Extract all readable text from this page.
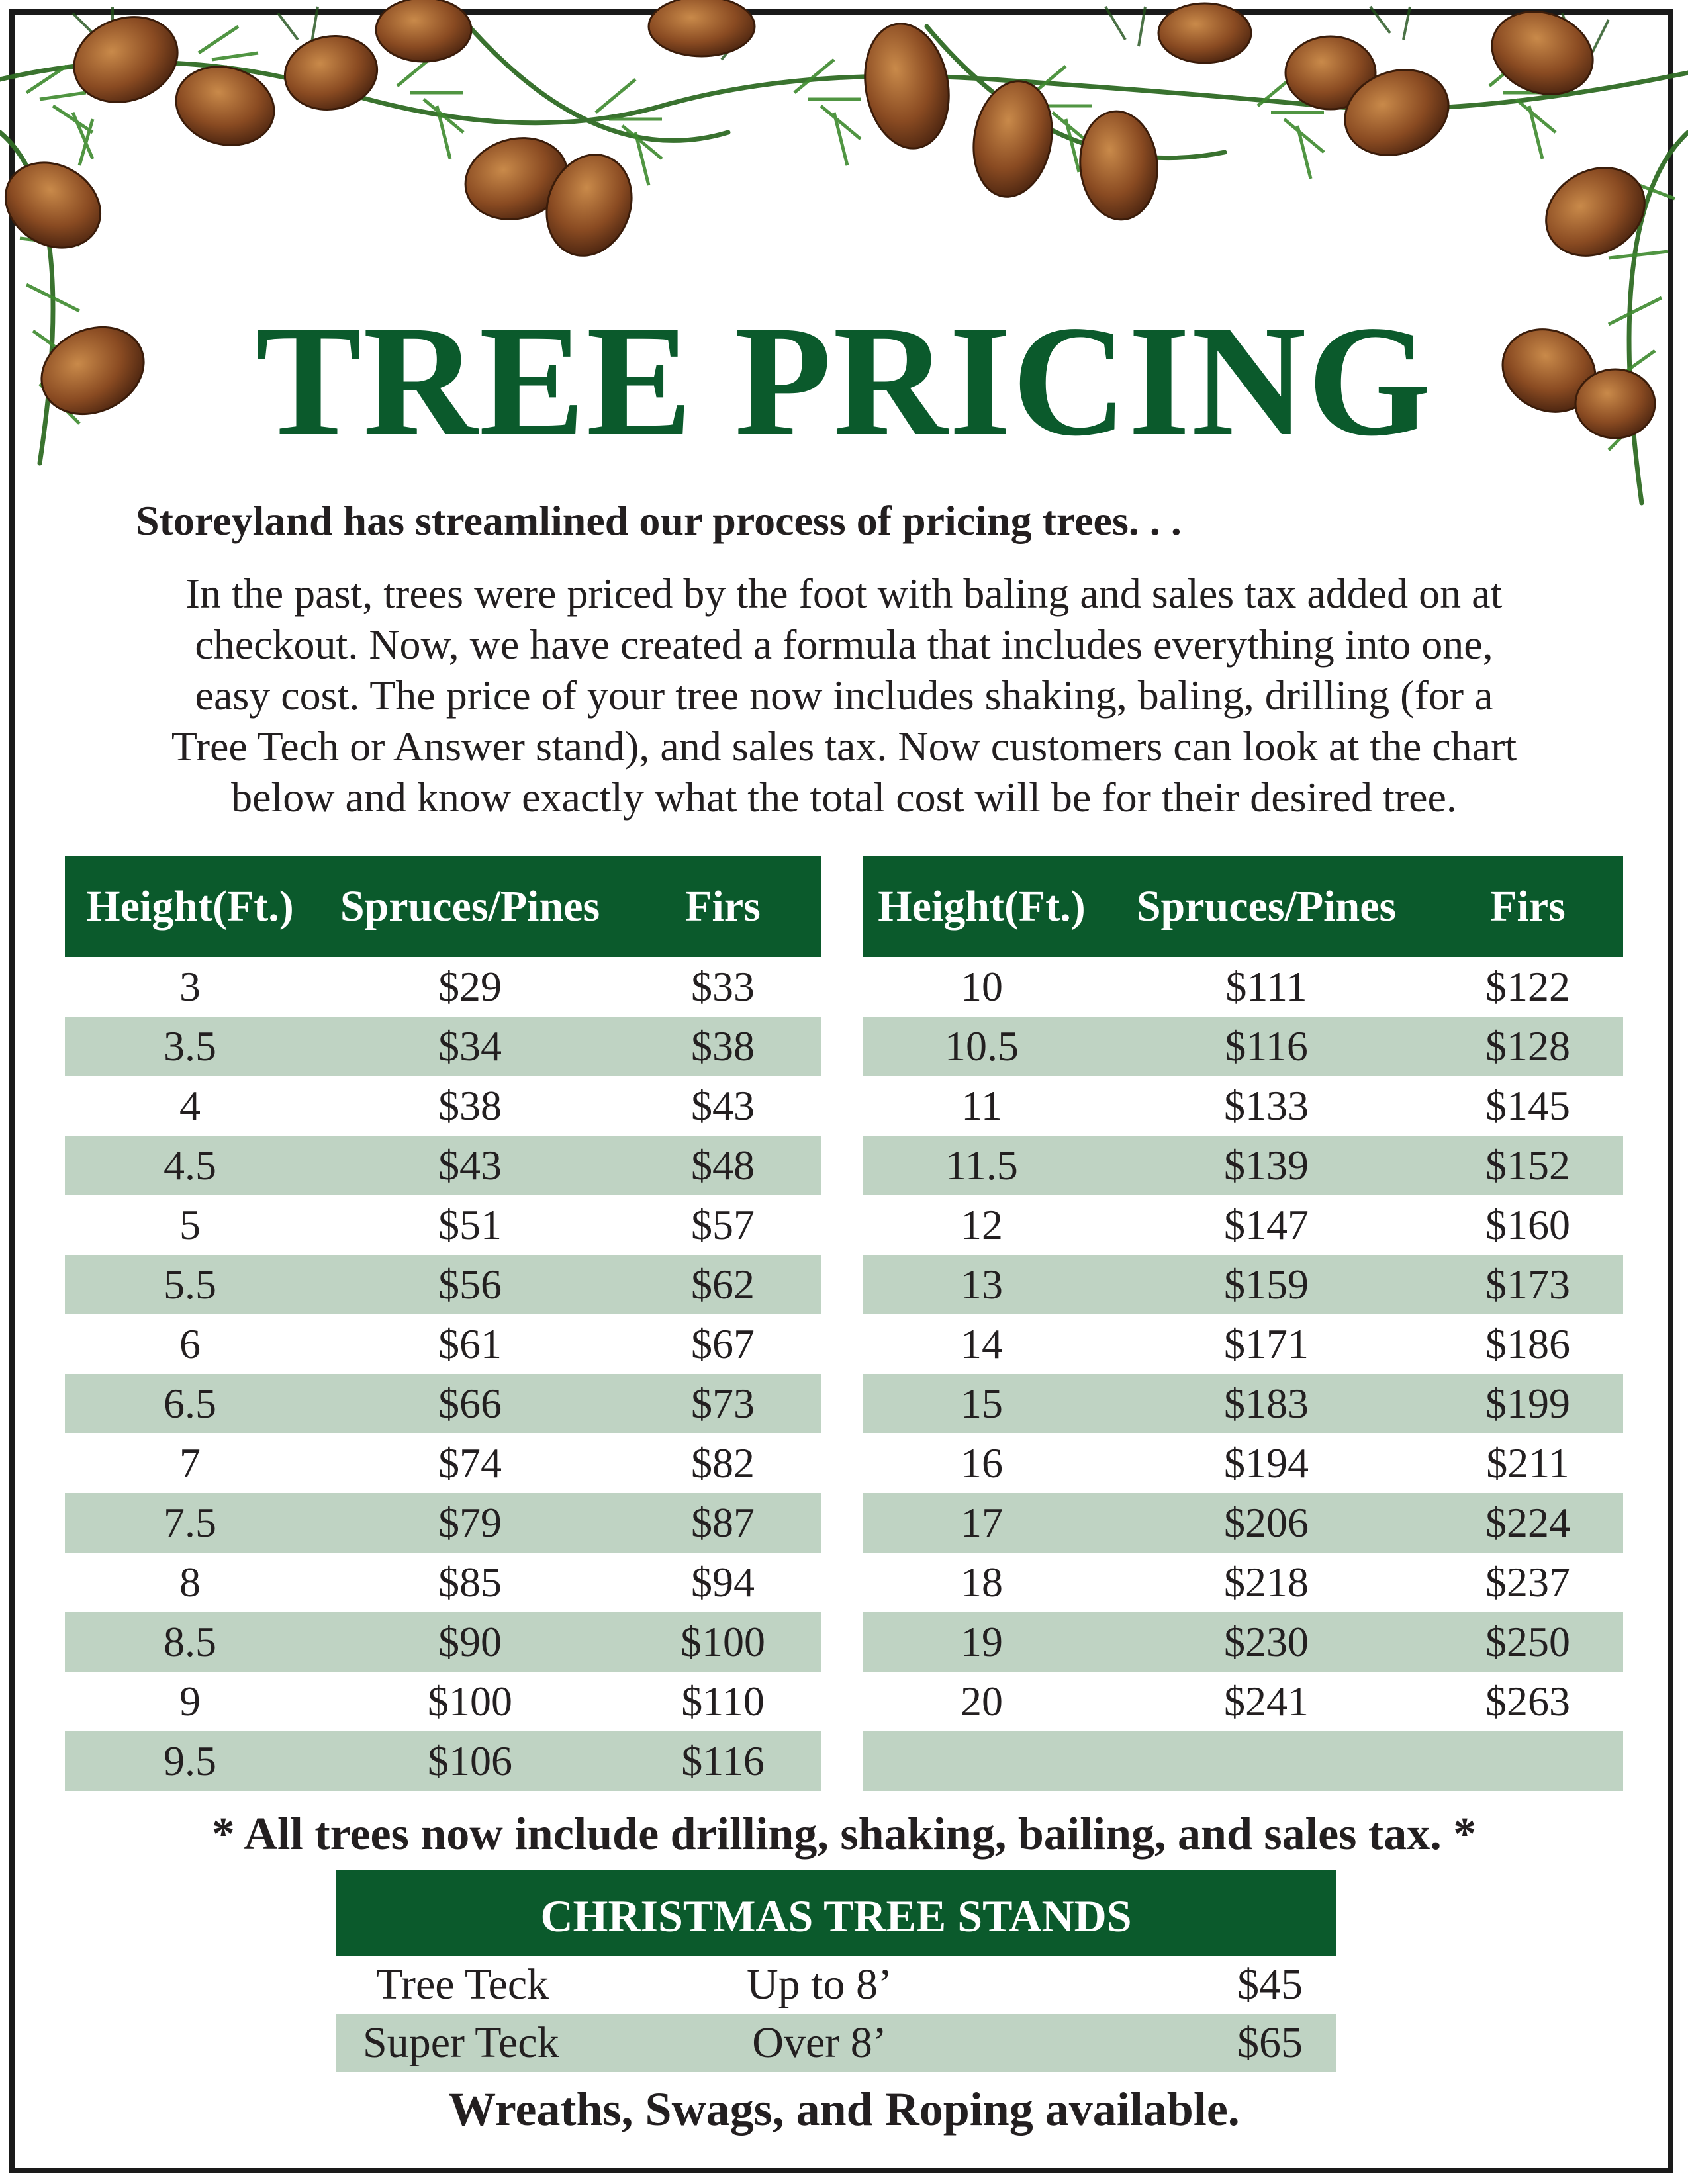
TREE PRICING
Storeyland has streamlined our process of pricing trees. . .
In the past, trees were priced by the foot with baling and sales tax added on at
checkout. Now, we have created a formula that includes everything into one,
easy cost. The price of your tree now includes shaking, baling, drilling (for a
Tree Tech or Answer stand), and sales tax. Now customers can look at the chart
below and know exactly what the total cost will be for their desired tree.
Height(Ft.)	Spruces/Pines	Firs
3	$29	$33
3.5	$34	$38
4	$38	$43
4.5	$43	$48
5	$51	$57
5.5	$56	$62
6	$61	$67
6.5	$66	$73
7	$74	$82
7.5	$79	$87
8	$85	$94
8.5	$90	$100
9	$100	$110
9.5	$106	$116
Height(Ft.)	Spruces/Pines	Firs
10	$111	$122
10.5	$116	$128
11	$133	$145
11.5	$139	$152
12	$147	$160
13	$159	$173
14	$171	$186
15	$183	$199
16	$194	$211
17	$206	$224
18	$218	$237
19	$230	$250
20	$241	$263

* All trees now include drilling, shaking, bailing, and sales tax. *
CHRISTMAS TREE STANDS		
Tree Teck	Up to 8’	$45
Super Teck	Over 8’	$65
Wreaths, Swags, and Roping available.
